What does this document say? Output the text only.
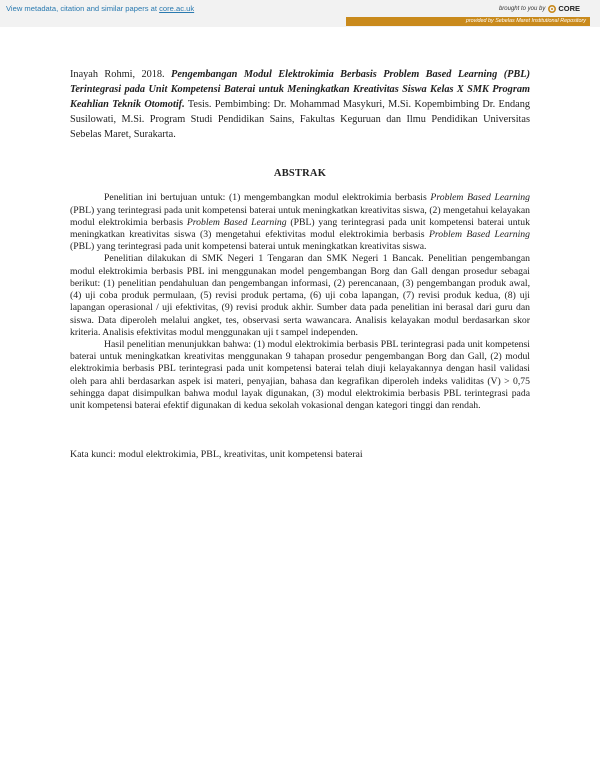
View metadata, citation and similar papers at core.ac.uk	brought to you by CORE
provided by Sebelas Maret Institutional Repository

Inayah Rohmi, 2018. Pengembangan Modul Elektrokimia Berbasis Problem Based Learning (PBL) Terintegrasi pada Unit Kompetensi Baterai untuk Meningkatkan Kreativitas Siswa Kelas X SMK Program Keahlian Teknik Otomotif. Tesis. Pembimbing: Dr. Mohammad Masykuri, M.Si. Kopembimbing Dr. Endang Susilowati, M.Si. Program Studi Pendidikan Sains, Fakultas Keguruan dan Ilmu Pendidikan Universitas Sebelas Maret, Surakarta.

ABSTRAK

Penelitian ini bertujuan untuk: (1) mengembangkan modul elektrokimia berbasis Problem Based Learning (PBL) yang terintegrasi pada unit kompetensi baterai untuk meningkatkan kreativitas siswa, (2) mengetahui kelayakan modul elektrokimia berbasis Problem Based Learning (PBL) yang terintegrasi pada unit kompetensi baterai untuk meningkatkan kreativitas siswa (3) mengetahui efektivitas modul elektrokimia berbasis Problem Based Learning (PBL) yang terintegrasi pada unit kompetensi baterai untuk meningkatkan kreativitas siswa.

Penelitian dilakukan di SMK Negeri 1 Tengaran dan SMK Negeri 1 Bancak. Penelitian pengembangan modul elektrokimia berbasis PBL ini menggunakan model pengembangan Borg dan Gall dengan prosedur sebagai berikut: (1) penelitian pendahuluan dan pengembangan informasi, (2) perencanaan, (3) pengembangan produk awal, (4) uji coba produk permulaan, (5) revisi produk pertama, (6) uji coba lapangan, (7) revisi produk kedua, (8) uji lapangan operasional / uji efektivitas, (9) revisi produk akhir. Sumber data pada penelitian ini berasal dari guru dan siswa. Data diperoleh melalui angket, tes, observasi serta wawancara. Analisis kelayakan modul berdasarkan skor kriteria. Analisis efektivitas modul menggunakan uji t sampel independen.

Hasil penelitian menunjukkan bahwa: (1) modul elektrokimia berbasis PBL terintegrasi pada unit kompetensi baterai untuk meningkatkan kreativitas menggunakan 9 tahapan prosedur pengembangan Borg dan Gall, (2) modul elektrokimia berbasis PBL terintegrasi pada unit kompetensi baterai telah diuji kelayakannya dengan hasil validasi oleh para ahli berdasarkan aspek isi materi, penyajian, bahasa dan kegrafikan diperoleh indeks validitas (V) > 0,75 sehingga dapat disimpulkan bahwa modul layak digunakan, (3) modul elektrokimia berbasis PBL terintegrasi pada unit kompetensi baterai efektif digunakan di kedua sekolah vokasional dengan kategori tinggi dan rendah.

Kata kunci: modul elektrokimia, PBL, kreativitas, unit kompetensi baterai
